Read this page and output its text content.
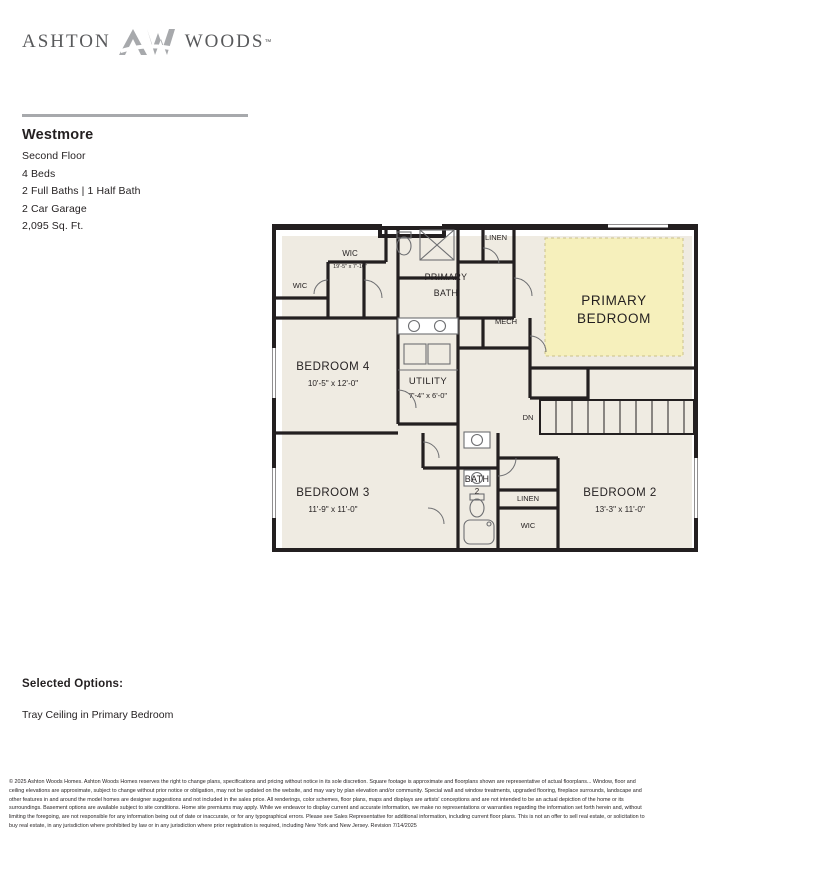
ASHTON	WOODS ™
Westmore
Second Floor
4 Beds
2 Full Baths | 1 Half Bath
2 Car Garage
2,095 Sq. Ft.
PRIMARY
BEDROOM
PRIMARY
BATH
BEDROOM 4
10'-5" x 12'-0"
BEDROOM 3
11'-9" x 11'-0"
BEDROOM 2
13'-3" x 11'-0"
UTILITY
7'-4" x 6'-0"
BATH
2
WIC
19'-5" x 7'-10"
WIC
WIC
LINEN
LINEN
MECH
DN
Selected Options:
Tray Ceiling in Primary Bedroom
© 2025 Ashton Woods Homes. Ashton Woods Homes reserves the right to change plans, specifications and pricing without notice in its sole discretion. Square footage is approximate and floorplans shown are representative of actual floorplans... Window, floor and ceiling elevations are approximate, subject to change without prior notice or obligation, may not be updated on the website, and may vary by plan elevation and/or community. Special wall and window treatments, upgraded flooring, fireplace surrounds, landscape and other features in and around the model homes are designer suggestions and not included in the sales price. All renderings, color schemes, floor plans, maps and displays are artists' conceptions and are not intended to be an actual depiction of the home or its surroundings. Basement options are available subject to site conditions. Home site premiums may apply. While we endeavor to display current and accurate information, we make no representations or warranties regarding the information set forth herein and, without limiting the foregoing, are not responsible for any information being out of date or inaccurate, or for any typographical errors. Please see Sales Representative for additional information, including current floor plans. This is not an offer to sell real estate, or solicitation to buy real estate, in any jurisdiction where prohibited by law or in any jurisdiction where prior registration is required, including New York and New Jersey. Revision 7/14/2025
